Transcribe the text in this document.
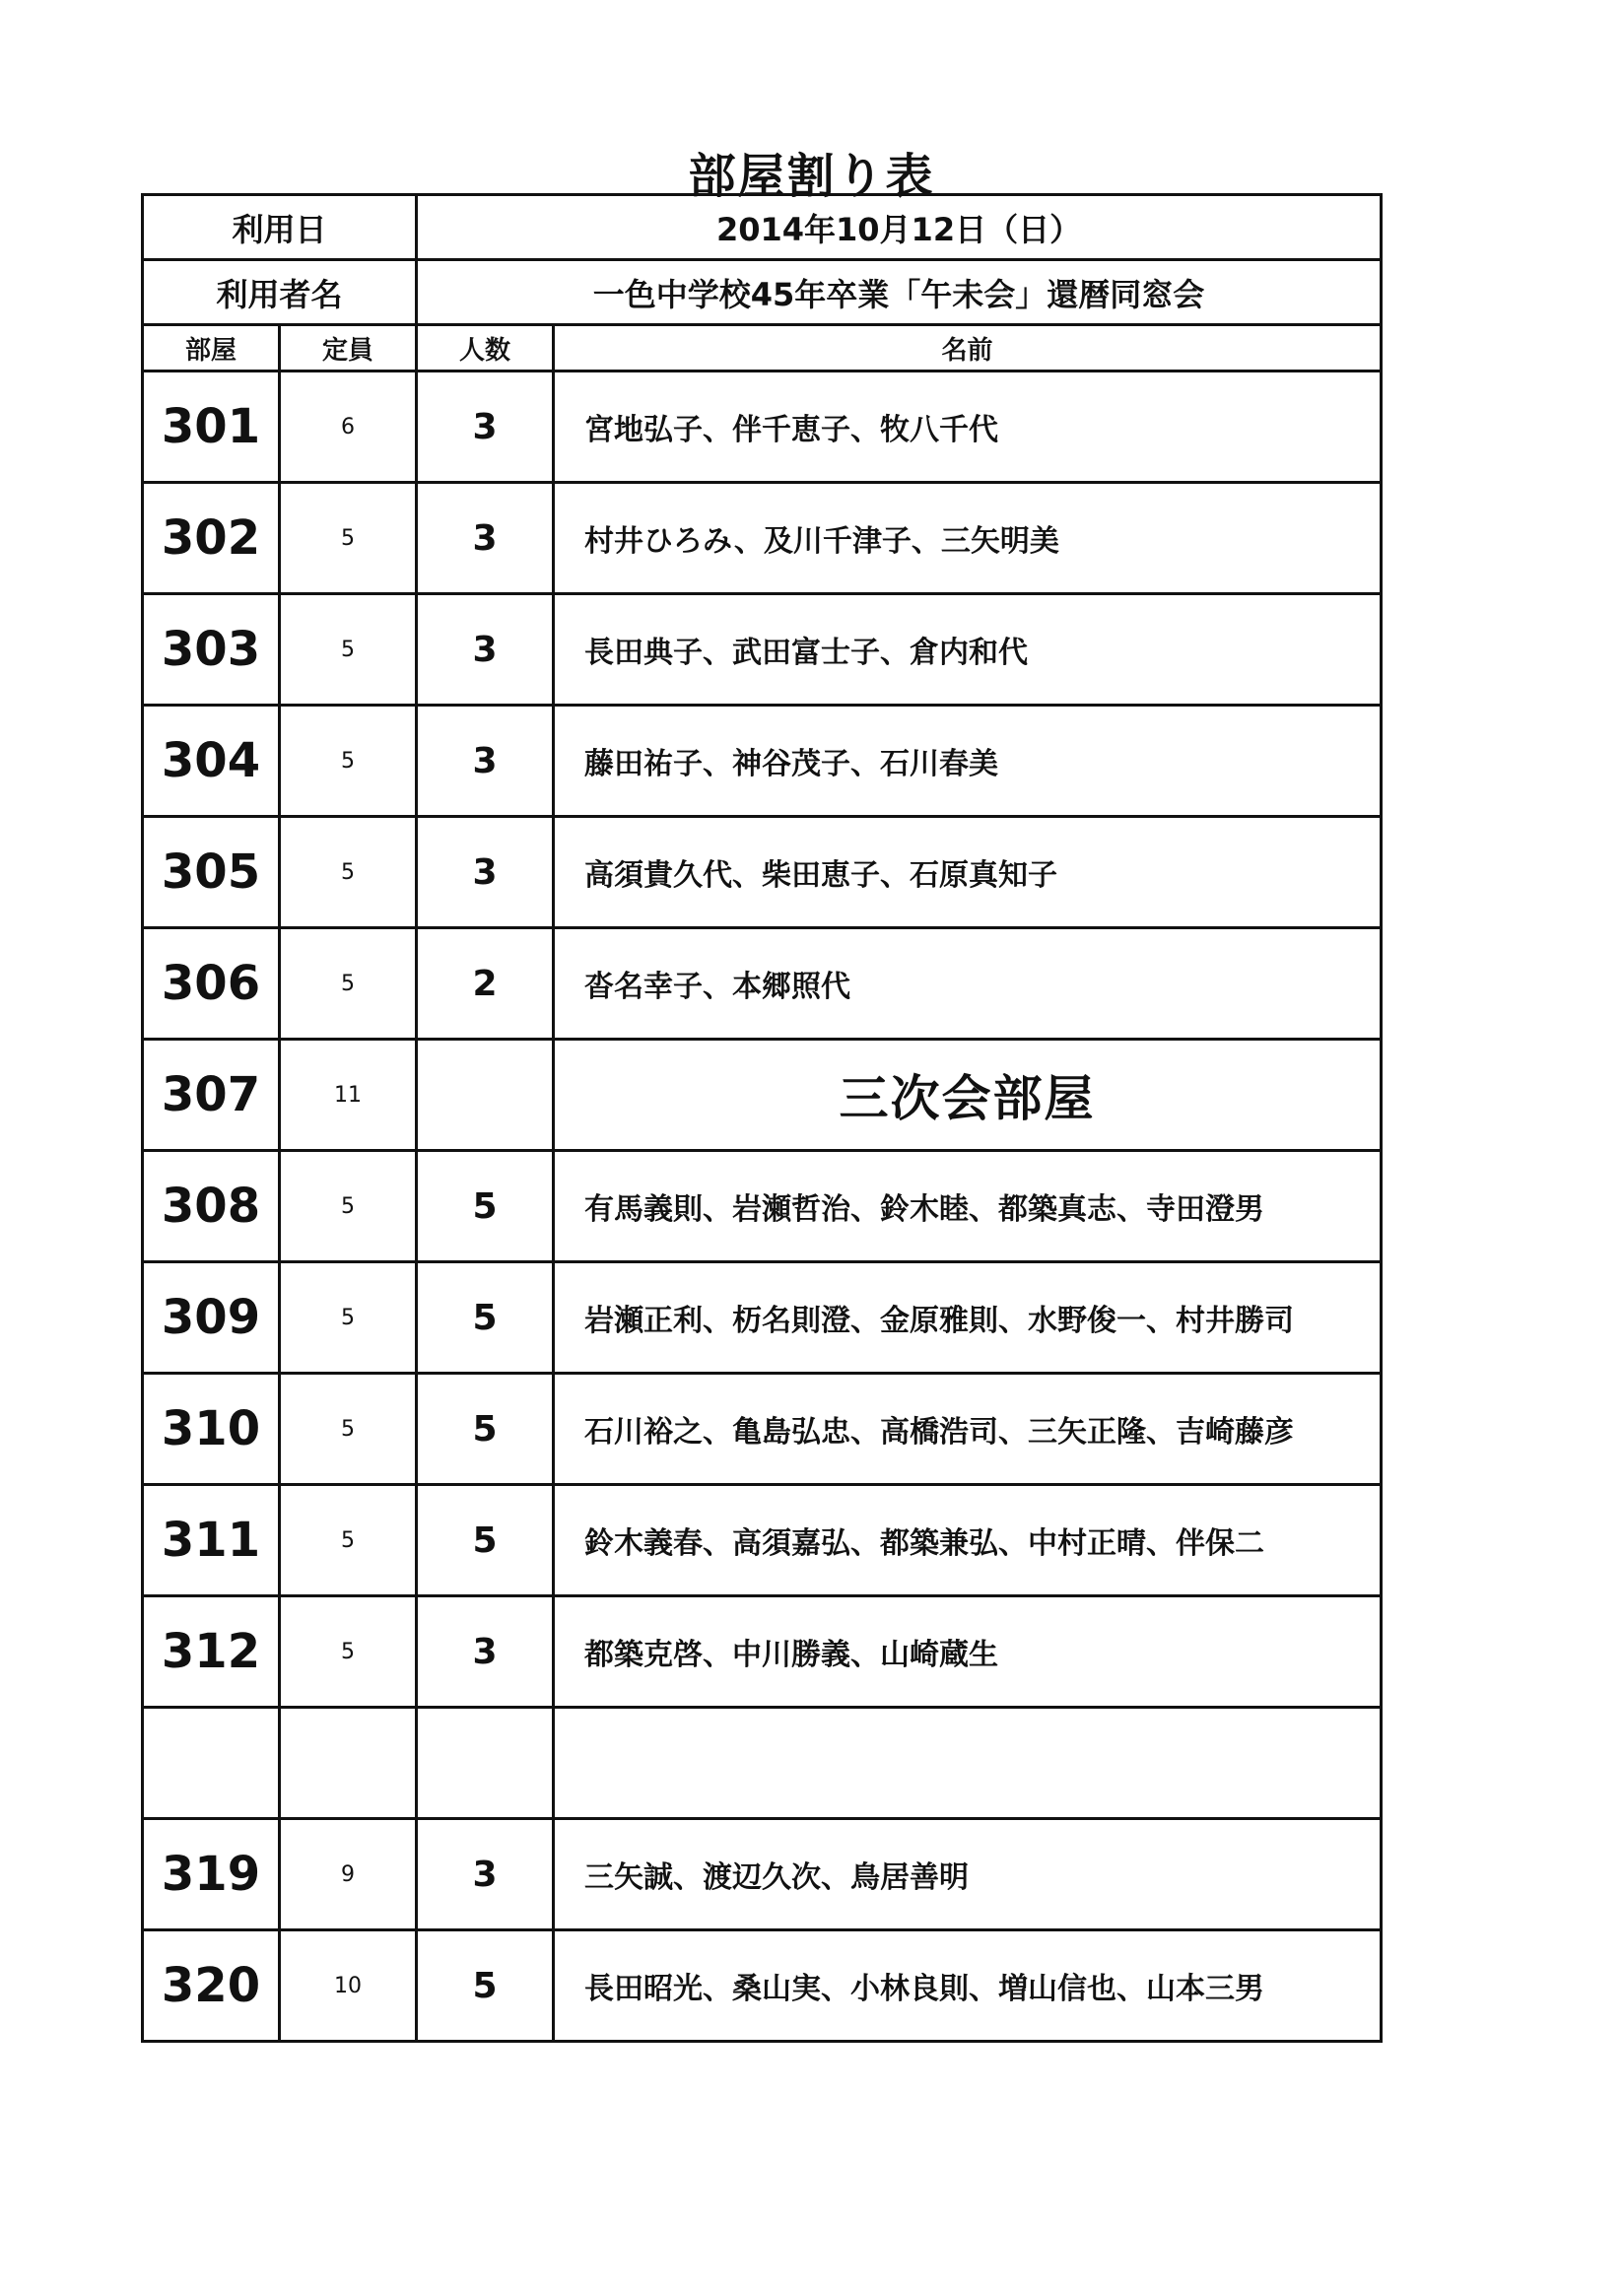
部屋割り表
利用日		2014年10月12日（日）	
利用者名		一色中学校45年卒業「午未会」還暦同窓会	
部屋	定員	人数	名前
301	6	3	宮地弘子、伴千恵子、牧八千代
302	5	3	村井ひろみ、及川千津子、三矢明美
303	5	3	長田典子、武田富士子、倉内和代
304	5	3	藤田祐子、神谷茂子、石川春美
305	5	3	高須貴久代、柴田恵子、石原真知子
306	5	2	沓名幸子、本郷照代
307	11		三次会部屋
308	5	5	有馬義則、岩瀬哲治、鈴木睦、都築真志、寺田澄男
309	5	5	岩瀬正利、杤名則澄、金原雅則、水野俊一、村井勝司
310	5	5	石川裕之、亀島弘忠、高橋浩司、三矢正隆、吉崎藤彦
311	5	5	鈴木義春、高須嘉弘、都築兼弘、中村正晴、伴保二
312	5	3	都築克啓、中川勝義、山崎蔵生

319	9	3	三矢誠、渡辺久次、鳥居善明
320	10	5	長田昭光、桑山実、小林良則、増山信也、山本三男
